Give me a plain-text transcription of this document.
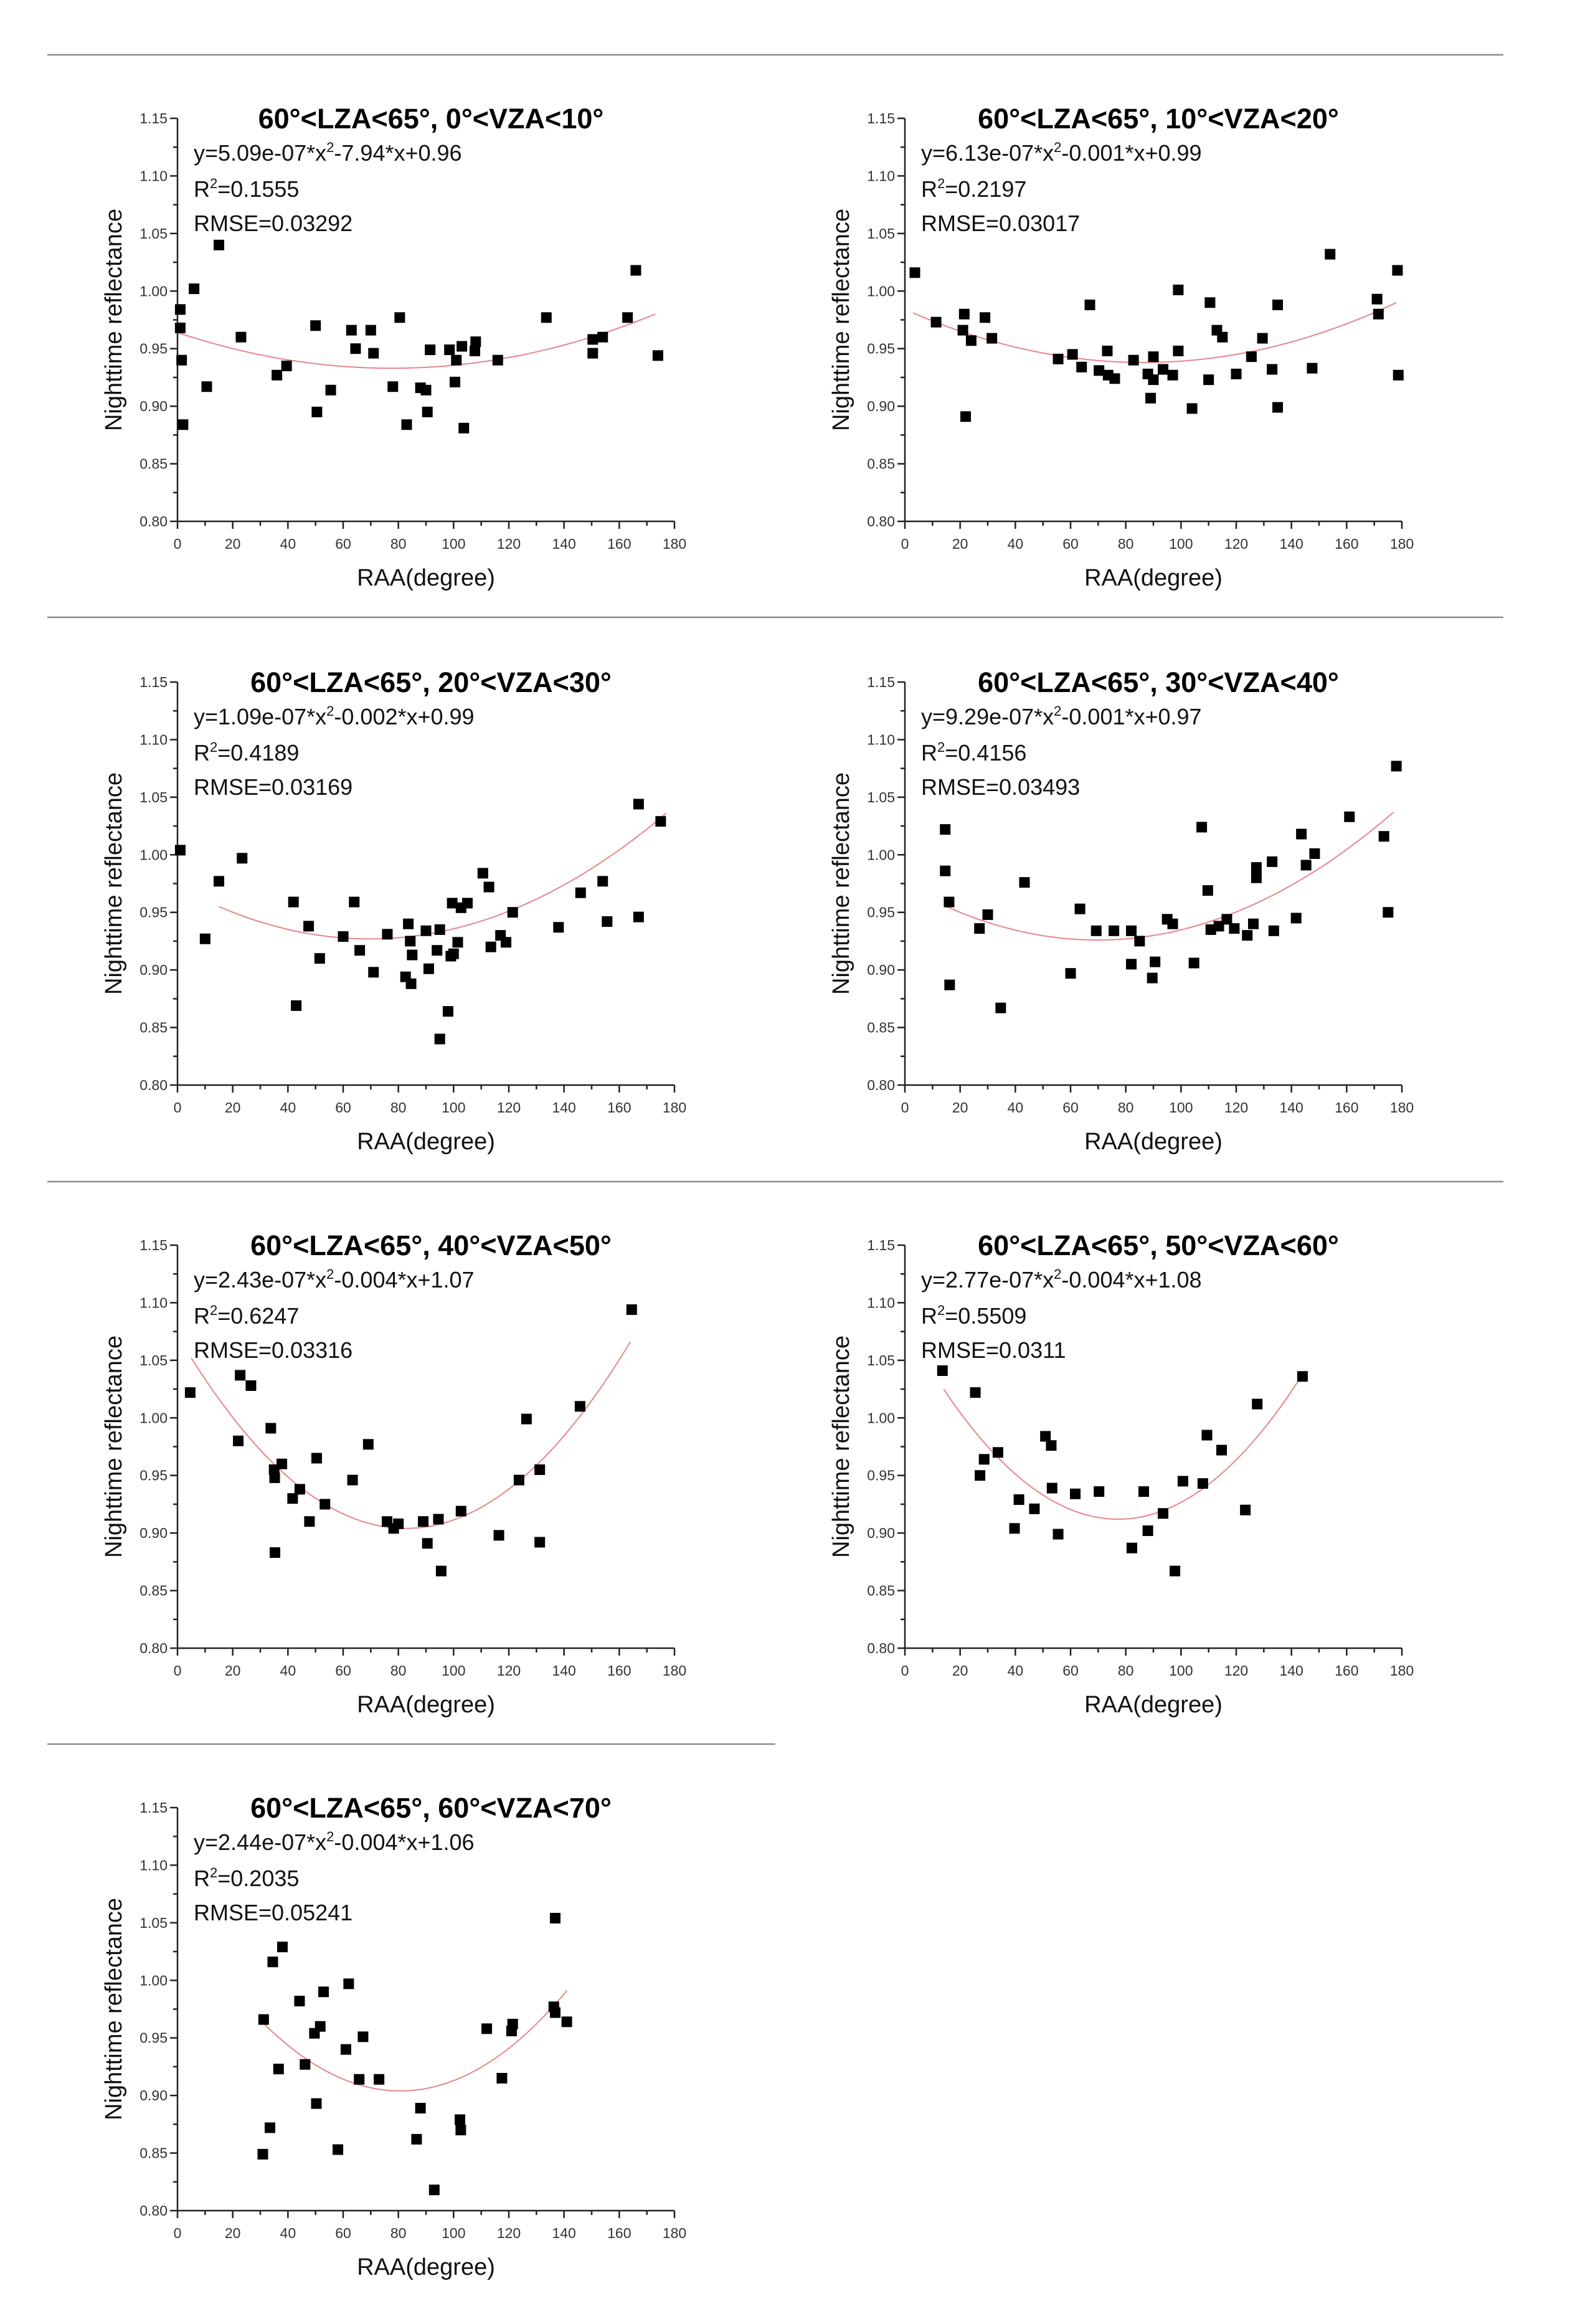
0	20	40	60	80 100 120 140 160 180
0.80
0.85
0.90
0.95
1.00
1.05
1.10
1.15
RAA(degree)
Nighttime reflectance
60°<LZA<65°, 0°<VZA<10°
$y=5.09e-07*x^2-7.94*x+0.96$
$R^2=0.1555$
RMSE=0.03292
0	20	40	60	80 100 120 140 160 180
0.80
0.85
0.90
0.95
1.00
1.05
1.10
1.15
RAA(degree)
Nighttime reflectance
60°<LZA<65°, 10°<VZA<20°
$y=6.13e-07*x^2-0.001*x+0.99$
$R^2=0.2197$
RMSE=0.03017
0	20	40	60	80 100 120 140 160 180
0.80
0.85
0.90
0.95
1.00
1.05
1.10
1.15
RAA(degree)
Nighttime reflectance
60°<LZA<65°, 20°<VZA<30°
$y=1.09e-07*x^2-0.002*x+0.99$
$R^2=0.4189$
RMSE=0.03169
0	20	40	60	80 100 120 140 160 180
0.80
0.85
0.90
0.95
1.00
1.05
1.10
1.15
RAA(degree)
Nighttime reflectance
60°<LZA<65°, 30°<VZA<40°
$y=9.29e-07*x^2-0.001*x+0.97$
$R^2=0.4156$
RMSE=0.03493
0	20	40	60	80 100 120 140 160 180
0.80
0.85
0.90
0.95
1.00
1.05
1.10
1.15
RAA(degree)
Nighttime reflectance
60°<LZA<65°, 40°<VZA<50°
$y=2.43e-07*x^2-0.004*x+1.07$
$R^2=0.6247$
RMSE=0.03316
0	20	40	60	80 100 120 140 160 180
0.80
0.85
0.90
0.95
1.00
1.05
1.10
1.15
RAA(degree)
Nighttime reflectance
60°<LZA<65°, 50°<VZA<60°
$y=2.77e-07*x^2-0.004*x+1.08$
$R^2=0.5509$
RMSE=0.0311
0	20	40	60	80 100 120 140 160 180
0.80
0.85
0.90
0.95
1.00
1.05
1.10
1.15
RAA(degree)
Nighttime reflectance
60°<LZA<65°, 60°<VZA<70°
$y=2.44e-07*x^2-0.004*x+1.06$
$R^2=0.2035$
RMSE=0.05241
